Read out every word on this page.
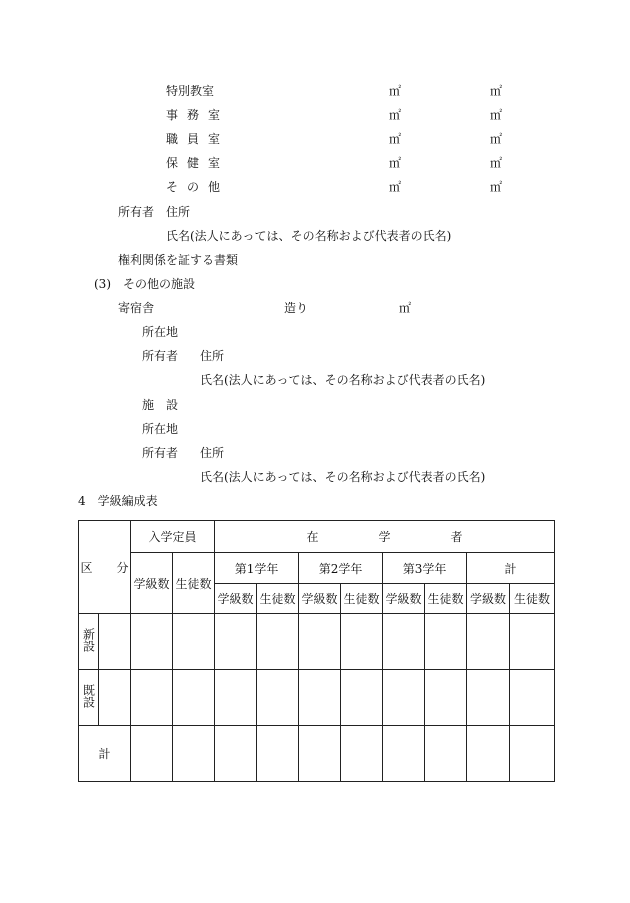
特別教室	㎡	㎡
事務室	㎡	㎡
職員室	㎡	㎡
保健室	㎡	㎡
その他	㎡	㎡
所有者 住所
氏名(法人にあっては、その名称および代表者の氏名)
権利関係を証する書類
(3)　その他の施設
寄宿舎	造り	㎡
所在地
所有者 住所
氏名(法人にあっては、その名称および代表者の氏名)
施　設
所在地
所有者 住所
氏名(法人にあっては、その名称および代表者の氏名)
4　学級編成表
区　　分		入学定員		在　　　　　学　　　　　者							
		学級数	生徒数	第1学年		第2学年		第3学年		計	
				学級数	生徒数	学級数	生徒数	学級数	生徒数	学級数	生徒数
新設											
既設											
計											
